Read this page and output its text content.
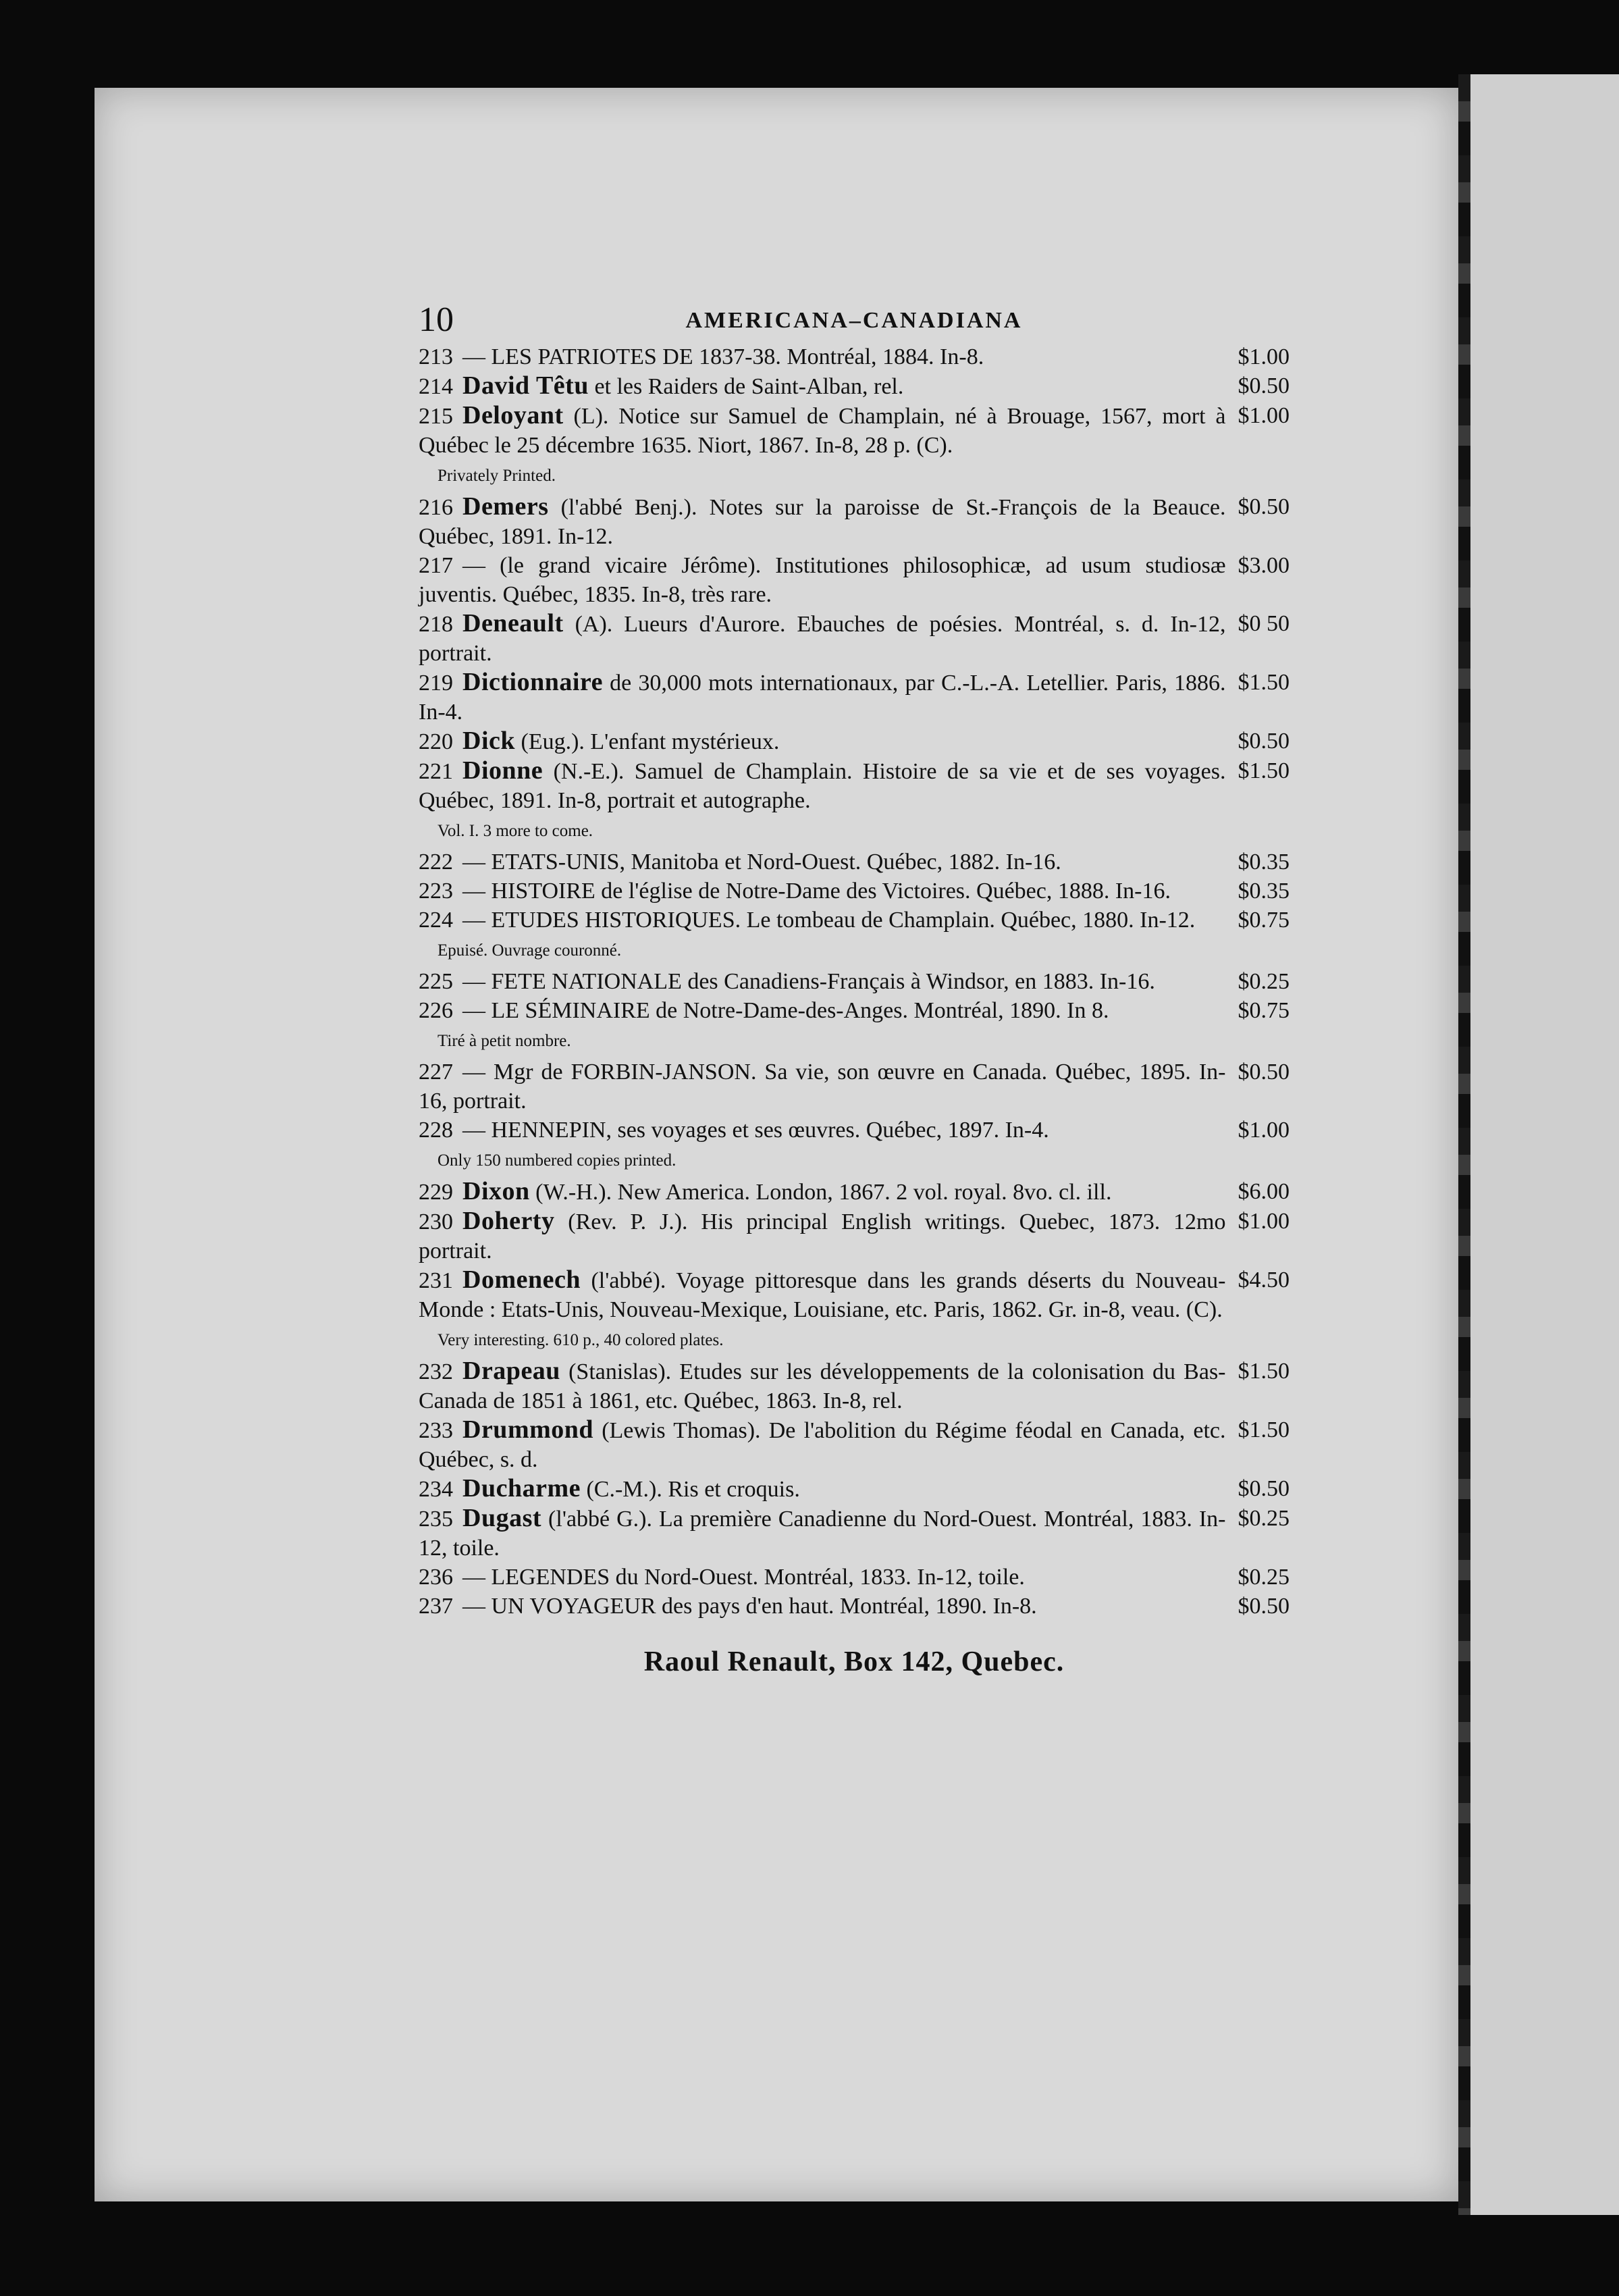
10	AMERICANA–CANADIANA
$1.00
213 — LES PATRIOTES DE 1837-38. Montréal, 1884. In-8.
$0.50
214 David Têtu et les Raiders de Saint-Alban, rel.
$1.00
215 Deloyant (L). Notice sur Samuel de Champlain, né à Brouage, 1567, mort à Québec le 25 décembre 1635. Niort, 1867. In-8, 28 p. (C).
Privately Printed.
$0.50
216 Demers (l'abbé Benj.). Notes sur la paroisse de St.-François de la Beauce. Québec, 1891. In-12.
$3.00
217 — (le grand vicaire Jérôme). Institutiones philosophicæ, ad usum studiosæ juventis. Québec, 1835. In-8, très rare.
$0 50
218 Deneault (A). Lueurs d'Aurore. Ebauches de poésies. Montréal, s. d. In-12, portrait.
$1.50
219 Dictionnaire de 30,000 mots internationaux, par C.-L.-A. Letellier. Paris, 1886. In-4.
$0.50
220 Dick (Eug.). L'enfant mystérieux.
$1.50
221 Dionne (N.-E.). Samuel de Champlain. Histoire de sa vie et de ses voyages. Québec, 1891. In-8, portrait et autographe.
Vol. I. 3 more to come.
$0.35
222 — ETATS-UNIS, Manitoba et Nord-Ouest. Québec, 1882. In-16.
$0.35
223 — HISTOIRE de l'église de Notre-Dame des Victoires. Québec, 1888. In-16.
$0.75
224 — ETUDES HISTORIQUES. Le tombeau de Champlain. Québec, 1880. In-12.
Epuisé. Ouvrage couronné.
$0.25
225 — FETE NATIONALE des Canadiens-Français à Windsor, en 1883. In-16.
$0.75
226 — LE SÉMINAIRE de Notre-Dame-des-Anges. Montréal, 1890. In 8.
Tiré à petit nombre.
$0.50
227 — Mgr de FORBIN-JANSON. Sa vie, son œuvre en Canada. Québec, 1895. In-16, portrait.
$1.00
228 — HENNEPIN, ses voyages et ses œuvres. Québec, 1897. In-4.
Only 150 numbered copies printed.
$6.00
229 Dixon (W.-H.). New America. London, 1867. 2 vol. royal. 8vo. cl. ill.
$1.00
230 Doherty (Rev. P. J.). His principal English writings. Quebec, 1873. 12mo portrait.
$4.50
231 Domenech (l'abbé). Voyage pittoresque dans les grands déserts du Nouveau-Monde : Etats-Unis, Nouveau-Mexique, Louisiane, etc. Paris, 1862. Gr. in-8, veau. (C).
Very interesting. 610 p., 40 colored plates.
$1.50
232 Drapeau (Stanislas). Etudes sur les développements de la colonisation du Bas-Canada de 1851 à 1861, etc. Québec, 1863. In-8, rel.
$1.50
233 Drummond (Lewis Thomas). De l'abolition du Régime féodal en Canada, etc. Québec, s. d.
$0.50
234 Ducharme (C.-M.). Ris et croquis.
$0.25
235 Dugast (l'abbé G.). La première Canadienne du Nord-Ouest. Montréal, 1883. In-12, toile.
$0.25
236 — LEGENDES du Nord-Ouest. Montréal, 1833. In-12, toile.
$0.50
237 — UN VOYAGEUR des pays d'en haut. Montréal, 1890. In-8.
Raoul Renault, Box 142, Quebec.
